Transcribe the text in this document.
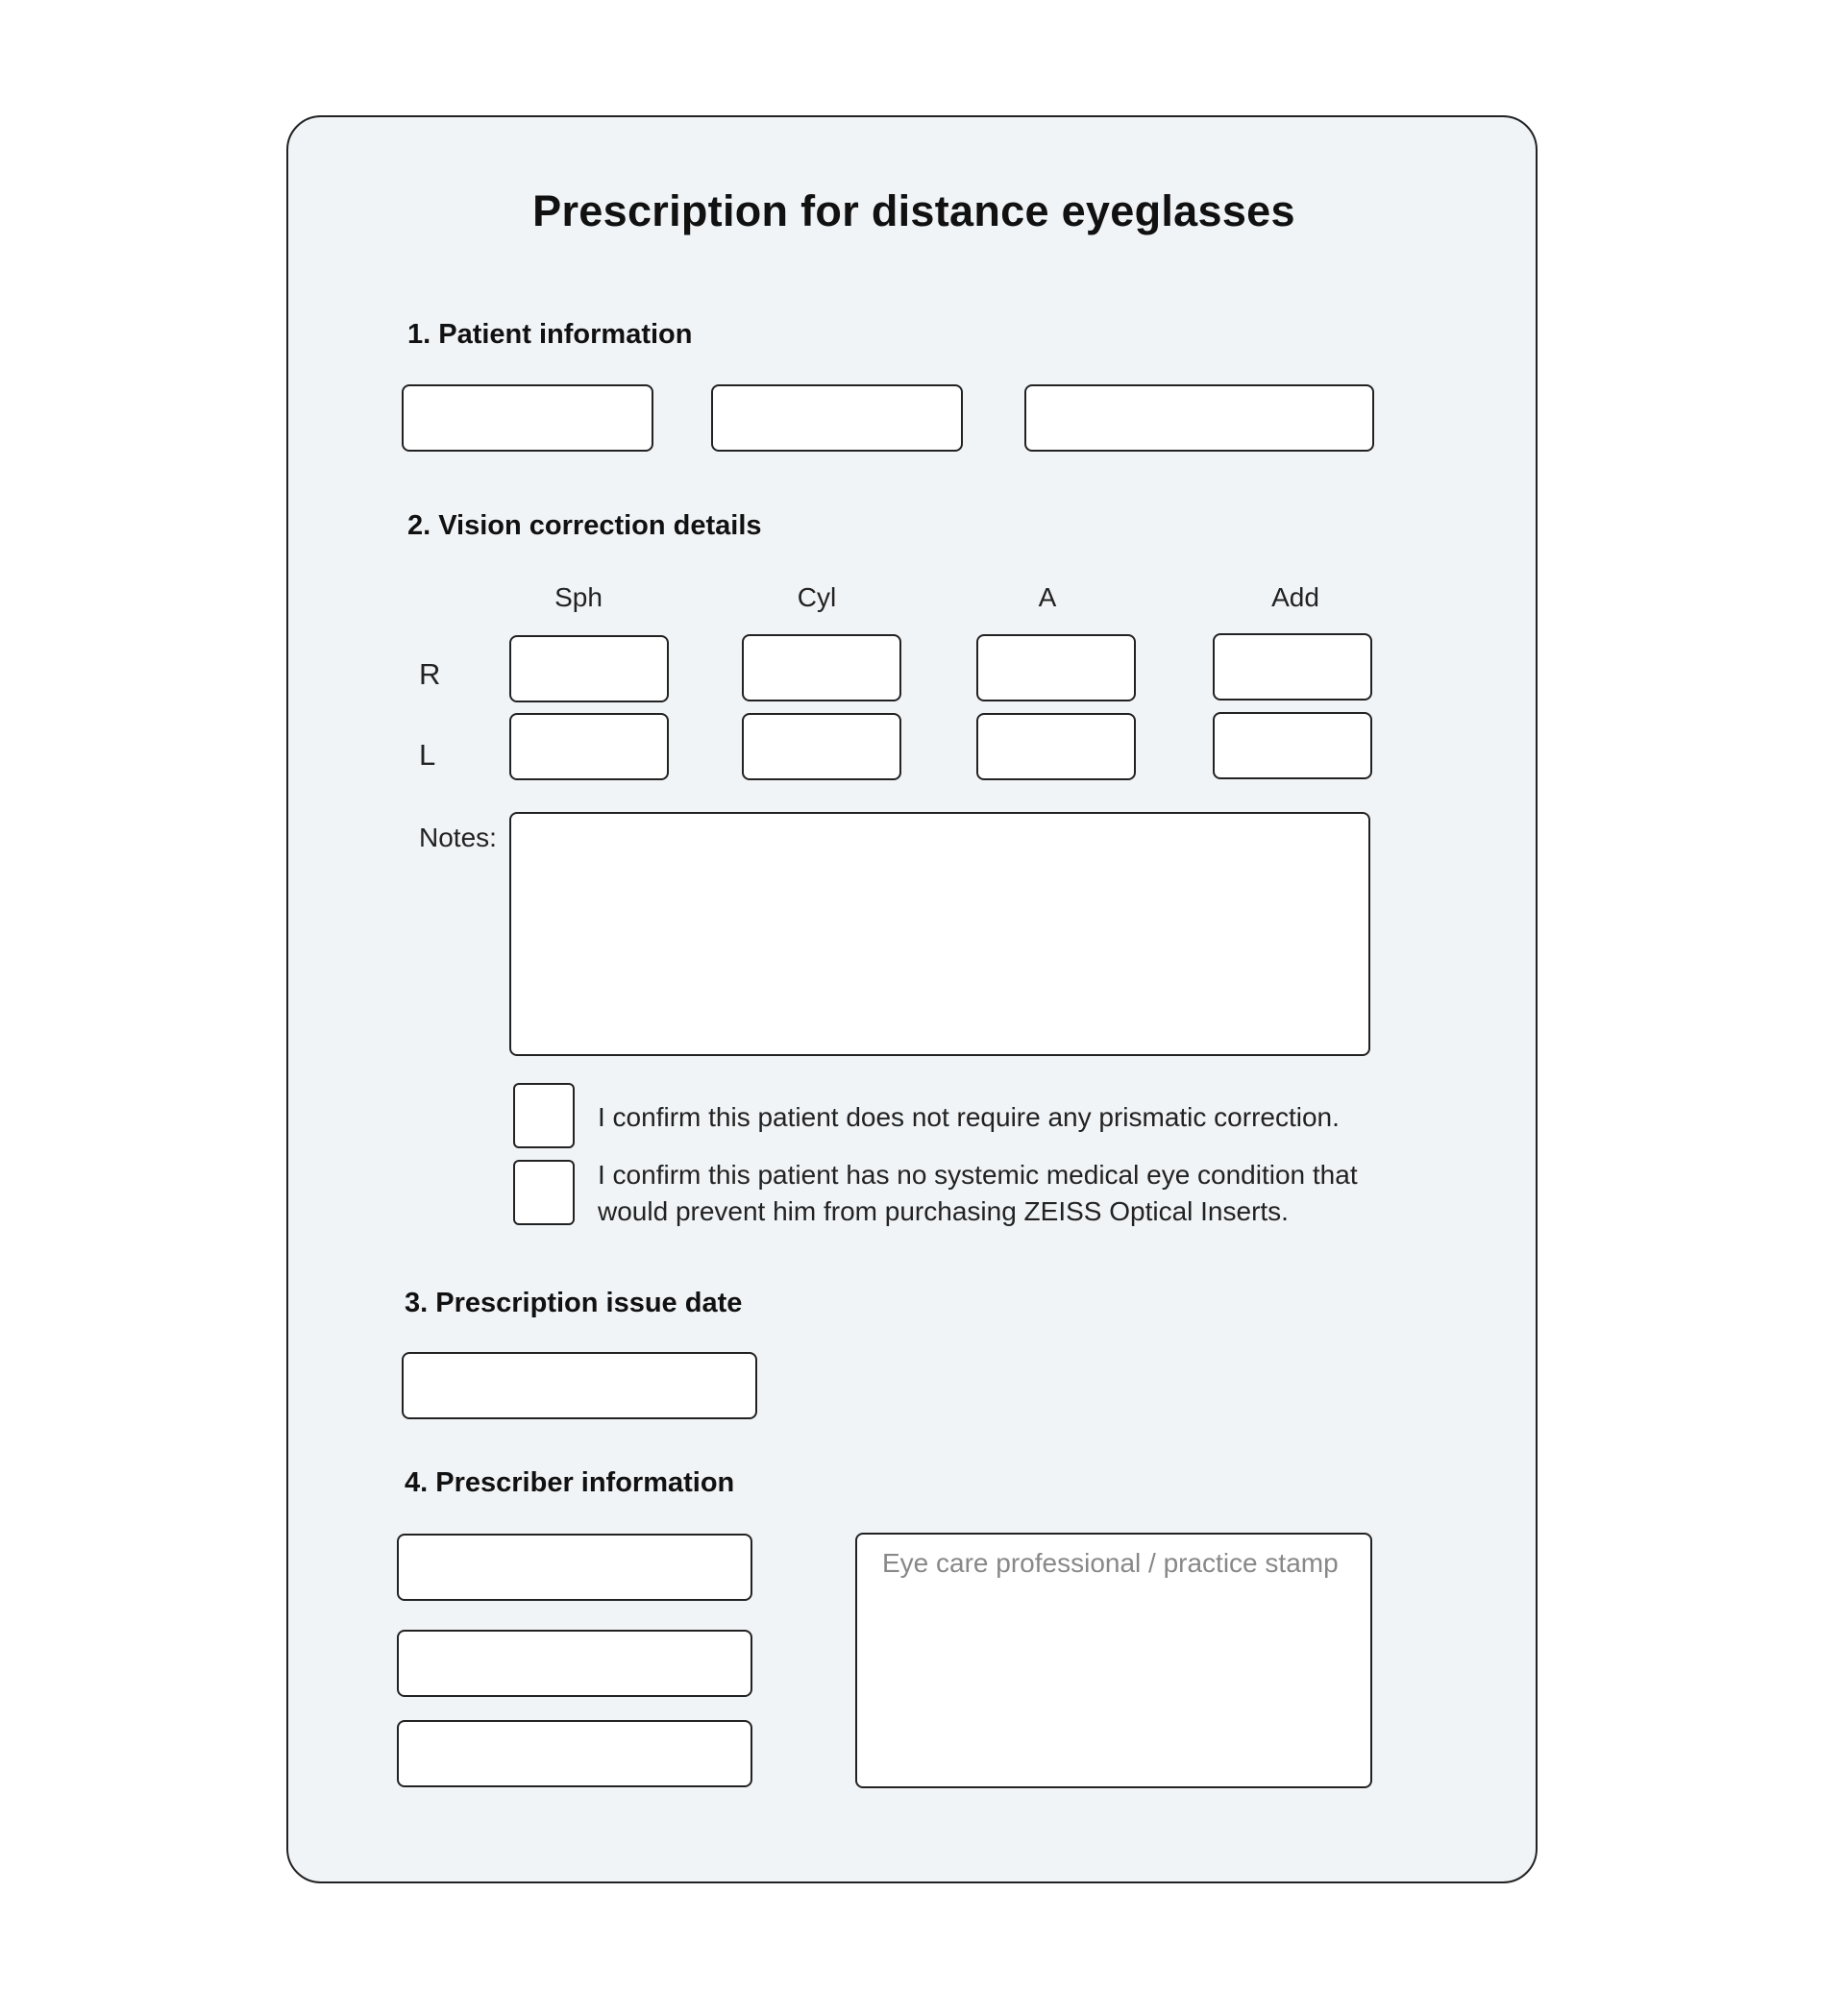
Prescription for distance eyeglasses
1. Patient information
2. Vision correction details
Sph	Cyl	A	Add
R
L
Notes:
I confirm this patient does not require any prismatic correction.
I confirm this patient has no systemic medical eye condition that would prevent him from purchasing ZEISS Optical Inserts.
3. Prescription issue date
4. Prescriber information
Eye care professional / practice stamp
